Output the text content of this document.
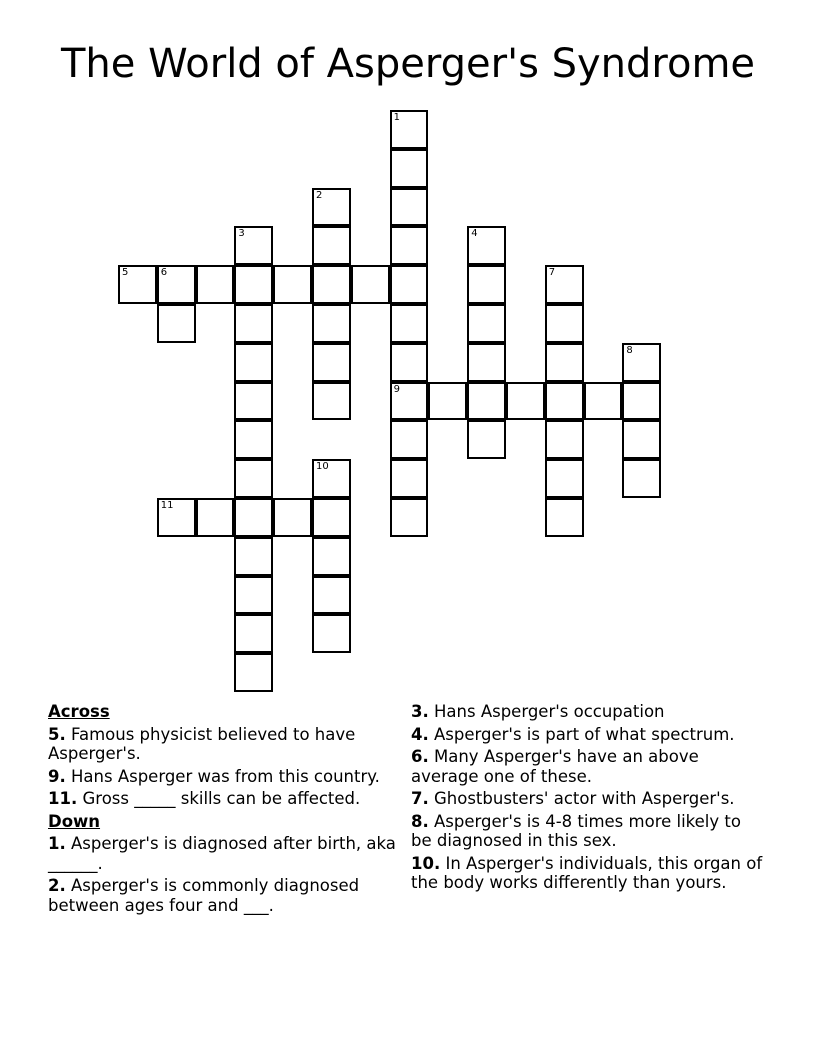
The World of Asperger's Syndrome
1
9
2
3	4
5	6	7
8
10
11
Across
5. Famous physicist believed to have Asperger's.
9. Hans Asperger was from this country.
11. Gross _____ skills can be affected.
Down
1. Asperger's is diagnosed after birth, aka ______.
2. Asperger's is commonly diagnosed between ages four and ___.
3. Hans Asperger's occupation
4. Asperger's is part of what spectrum.
6. Many Asperger's have an above average one of these.
7. Ghostbusters' actor with Asperger's.
8. Asperger's is 4-8 times more likely to be diagnosed in this sex.
10. In Asperger's individuals, this organ of the body works differently than yours.
